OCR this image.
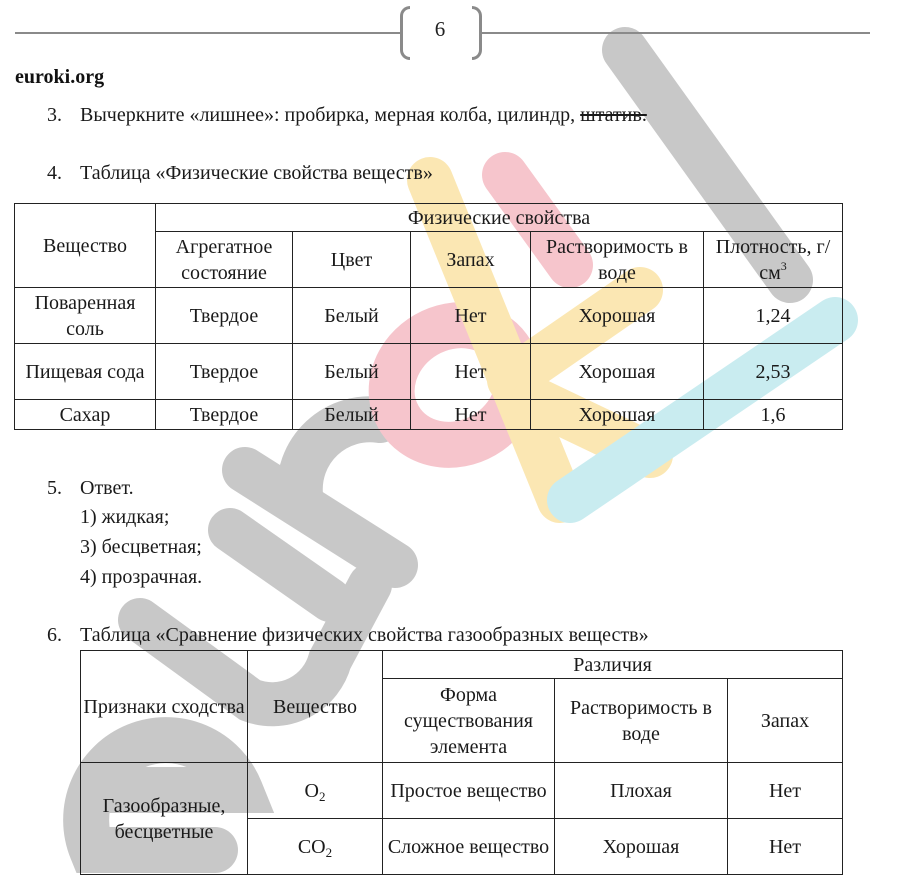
6
euroki.org
3. Вычеркните «лишнее»: пробирка, мерная колба, цилиндр, штатив.
4. Таблица «Физические свойства веществ»
Вещество	Физические свойства				
	Агрегатное состояние	Цвет	Запах	Растворимость в воде	Плотность, $г/см^3$
Поваренная соль	Твердое	Белый	Нет	Хорошая	1,24
Пищевая сода	Твердое	Белый	Нет	Хорошая	2,53
Сахар	Твердое	Белый	Нет	Хорошая	1,6
5. Ответ.
1) жидкая;
3) бесцветная;
4) прозрачная.
6. Таблица «Сравнение физических свойства газообразных веществ»
Признаки сходства	Вещество	Различия		
		Форма существования элемента	Растворимость в воде	Запах
Газообразные, бесцветные	$O_2$	Простое вещество	Плохая	Нет
	$CO_2$	Сложное вещество	Хорошая	Нет
